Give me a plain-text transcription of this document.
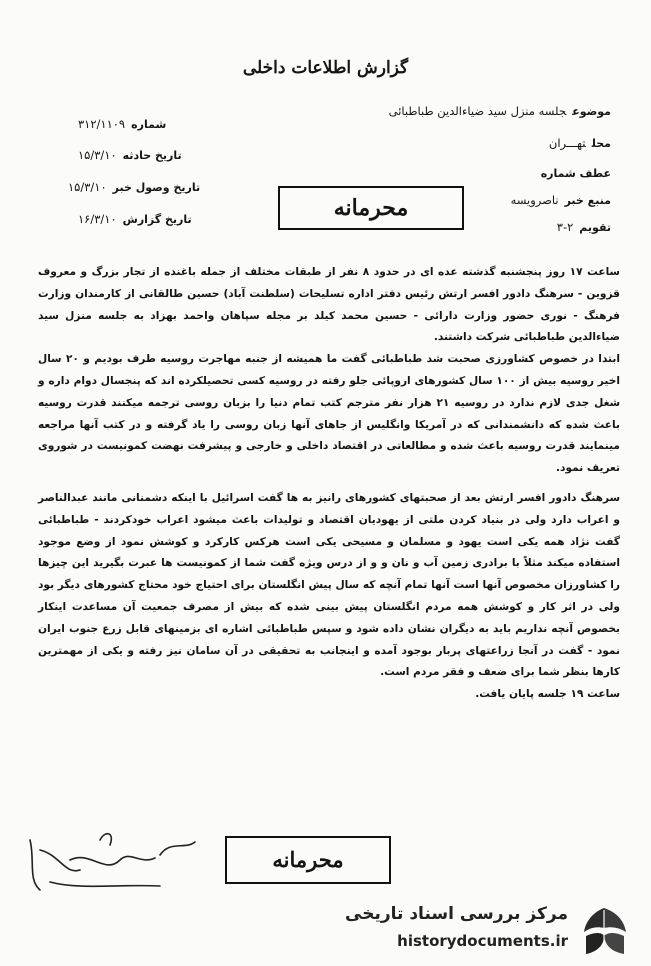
گزارش اطلاعات داخلی
موضوعجلسه منزل سید ضیاءالدین طباطبائی
محلتهـــران
عطف شماره
منبع خبرناصرویسه
تقویم۲-۳
شماره۳۱۲/۱۱۰۹
تاریخ حادثه۱۵/۳/۱۰
تاریخ وصول خبر۱۵/۳/۱۰
تاریخ گزارش۱۶/۳/۱۰	محرمانه

ساعت ۱۷ روز پنجشنبه گذشته عده ای در حدود ۸ نفر از طبقات مختلف از جمله باغنده از تجار بزرگ و معروف قزوین - سرهنگ دادور افسر ارتش رئیس دفتر اداره تسلیحات (سلطنت آباد) حسین طالقانی از کارمندان وزارت فرهنگ - نوری حضور وزارت دارائی - حسین محمد کیلد بر مجله سپاهان واحمد بهزاد به جلسه منزل سید ضیاءالدین طباطبائی شرکت داشتند.

ابتدا در خصوص کشاورزی صحبت شد طباطبائی گفت ما همیشه از جنبه مهاجرت روسیه طرف بودیم و ۲۰ سال اخیر روسیه بیش از ۱۰۰ سال کشورهای اروپائی جلو رفته در روسیه کسی تحصیلکرده اند که پنجسال دوام داره و شغل جدی لازم ندارد در روسیه ۲۱ هزار نفر مترجم کتب تمام دنیا را بزبان روسی ترجمه میکنند قدرت روسیه باعث شده که دانشمندانی که در آمریکا وانگلیس از جاهای آنها زبان روسی را یاد گرفته و در کتب آنها مراجعه مینمایند قدرت روسیه باعث شده و مطالعاتی در اقتصاد داخلی و خارجی و پیشرفت نهضت کمونیست در شوروی تعریف نمود.

سرهنگ دادور افسر ارتش بعد از صحبتهای کشورهای رانیز به ها گفت اسرائیل با اینکه دشمنانی مانند عبدالناصر و اعراب دارد ولی در بنیاد کردن ملتی از یهودیان اقتصاد و تولیدات باعث میشود اعراب خودکردند - طباطبائی گفت نژاد همه یکی است یهود و مسلمان و مسیحی یکی است هرکس کارکرد و کوشش نمود از وضع موجود استفاده میکند مثلاً با برادری زمین آب و نان و و از درس ویژه گفت شما از کمونیست ها عبرت بگیرید این چیزها را کشاورزان مخصوص آنها است آنها تمام آنچه که سال پیش انگلستان برای احتیاج خود محتاج کشورهای دیگر بود ولی در اثر کار و کوشش همه مردم انگلستان پیش بینی شده که بیش از مصرف جمعیت آن مساعدت اینکار بخصوص آنچه نداریم باید به دیگران نشان داده شود و سپس طباطبائی اشاره ای بزمینهای قابل زرع جنوب ایران نمود - گفت در آنجا زراعتهای پربار بوجود آمده و اینجانب به تحقیقی در آن سامان نیز رفته و یکی از مهمترین کارها بنظر شما برای ضعف و فقر مردم است.

ساعت ۱۹ جلسه پایان یافت.

محرمانه
مرکز بررسی اسناد تاریخی
historydocuments.ir
